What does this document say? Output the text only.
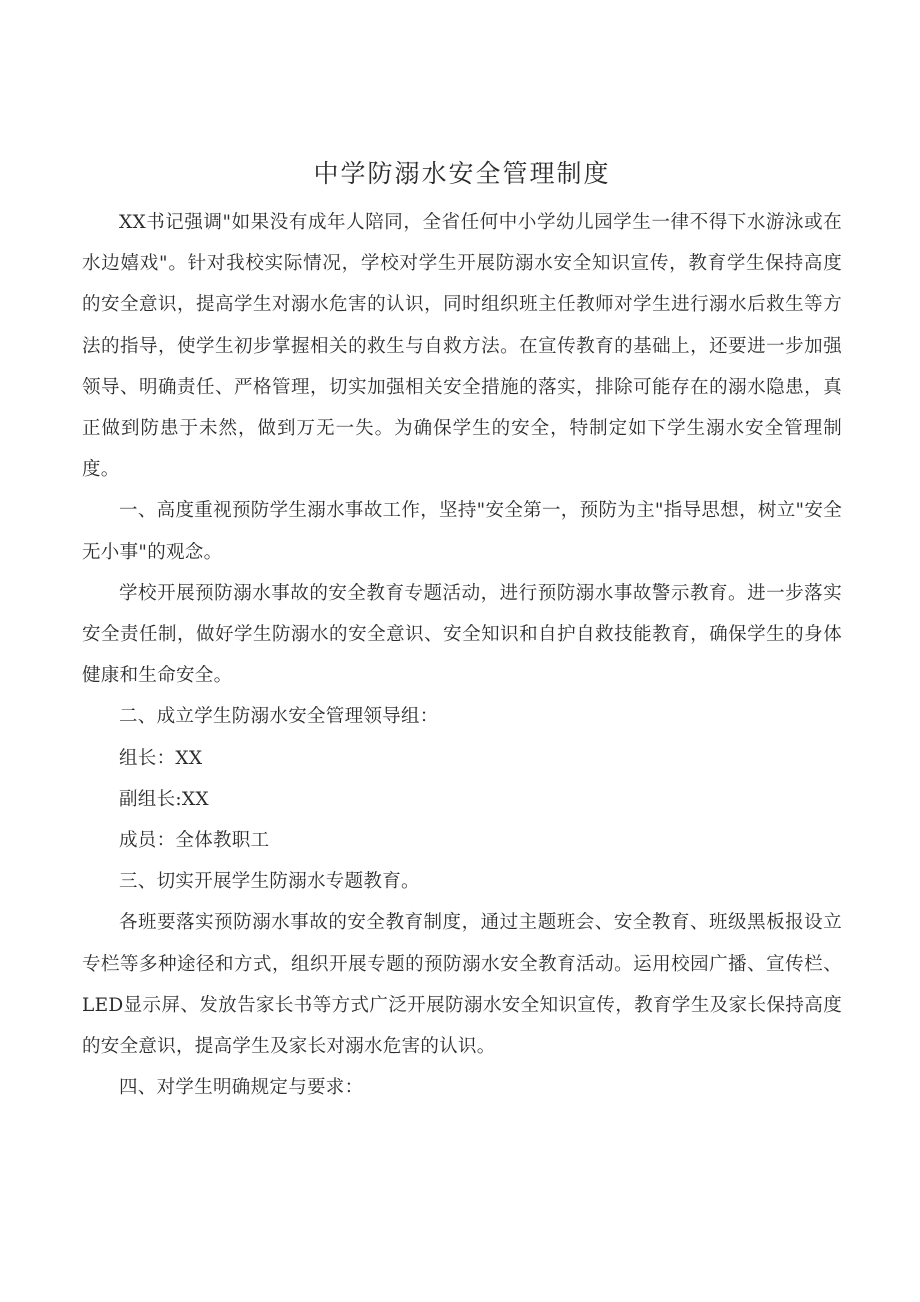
中学防溺水安全管理制度

XX书记强调"如果没有成年人陪同，全省任何中小学幼儿园学生一律不得下水游泳或在水边嬉戏"。针对我校实际情况，学校对学生开展防溺水安全知识宣传，教育学生保持高度的安全意识，提高学生对溺水危害的认识，同时组织班主任教师对学生进行溺水后救生等方法的指导，使学生初步掌握相关的救生与自救方法。在宣传教育的基础上，还要进一步加强领导、明确责任、严格管理，切实加强相关安全措施的落实，排除可能存在的溺水隐患，真正做到防患于未然，做到万无一失。为确保学生的安全，特制定如下学生溺水安全管理制度。

一、高度重视预防学生溺水事故工作，坚持"安全第一，预防为主"指导思想，树立"安全无小事"的观念。

学校开展预防溺水事故的安全教育专题活动，进行预防溺水事故警示教育。进一步落实安全责任制，做好学生防溺水的安全意识、安全知识和自护自救技能教育，确保学生的身体健康和生命安全。

二、成立学生防溺水安全管理领导组：

组长：XX

副组长:XX

成员：全体教职工

三、切实开展学生防溺水专题教育。

各班要落实预防溺水事故的安全教育制度，通过主题班会、安全教育、班级黑板报设立专栏等多种途径和方式，组织开展专题的预防溺水安全教育活动。运用校园广播、宣传栏、LED显示屏、发放告家长书等方式广泛开展防溺水安全知识宣传，教育学生及家长保持高度的安全意识，提高学生及家长对溺水危害的认识。

四、对学生明确规定与要求：
